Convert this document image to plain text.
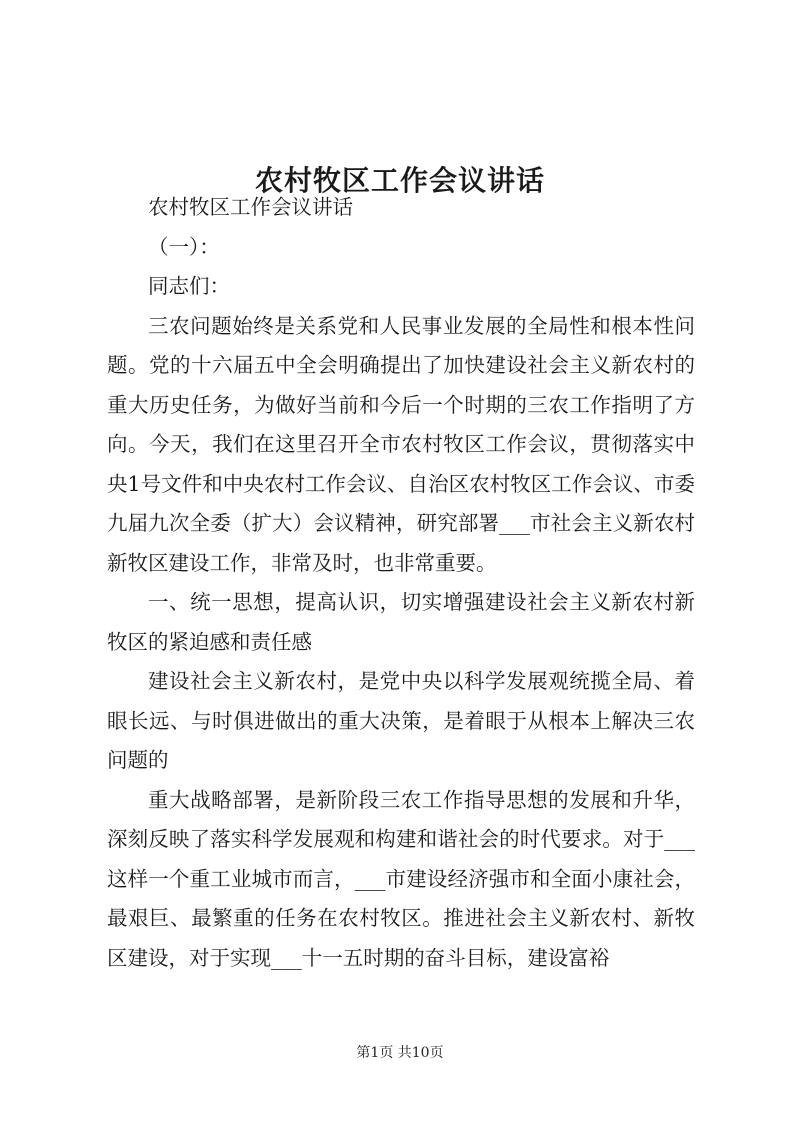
农村牧区工作会议讲话

农村牧区工作会议讲话

（一）：

同志们：

三农问题始终是关系党和人民事业发展的全局性和根本性问题。党的十六届五中全会明确提出了加快建设社会主义新农村的重大历史任务，为做好当前和今后一个时期的三农工作指明了方向。今天，我们在这里召开全市农村牧区工作会议，贯彻落实中央1号文件和中央农村工作会议、自治区农村牧区工作会议、市委九届九次全委（扩大）会议精神，研究部署___市社会主义新农村新牧区建设工作，非常及时，也非常重要。

一、统一思想，提高认识，切实增强建设社会主义新农村新牧区的紧迫感和责任感

建设社会主义新农村，是党中央以科学发展观统揽全局、着眼长远、与时俱进做出的重大决策，是着眼于从根本上解决三农问题的

重大战略部署，是新阶段三农工作指导思想的发展和升华，深刻反映了落实科学发展观和构建和谐社会的时代要求。对于___这样一个重工业城市而言，___市建设经济强市和全面小康社会，最艰巨、最繁重的任务在农村牧区。推进社会主义新农村、新牧区建设，对于实现___十一五时期的奋斗目标，建设富裕

第1页 共10页
